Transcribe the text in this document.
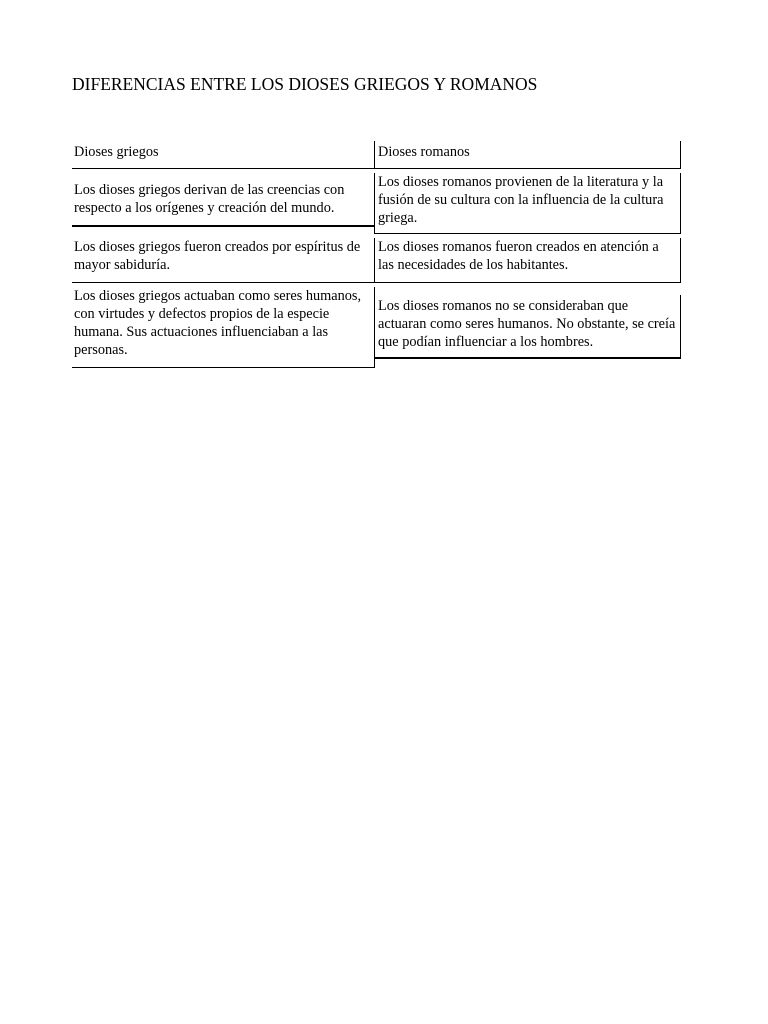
DIFERENCIAS ENTRE LOS DIOSES GRIEGOS Y ROMANOS
Dioses griegos	Dioses romanos
Los dioses griegos derivan de las creencias con respecto a los orígenes y creación del mundo.
Los dioses romanos provienen de la literatura y la fusión de su cultura con la influencia de la cultura griega.
Los dioses griegos fueron creados por espíritus de mayor sabiduría.
Los dioses romanos fueron creados en atención a las necesidades de los habitantes.
Los dioses griegos actuaban como seres humanos, con virtudes y defectos propios de la especie humana. Sus actuaciones influenciaban a las personas.
Los dioses romanos no se consideraban que actuaran como seres humanos. No obstante, se creía que podían influenciar a los hombres.
